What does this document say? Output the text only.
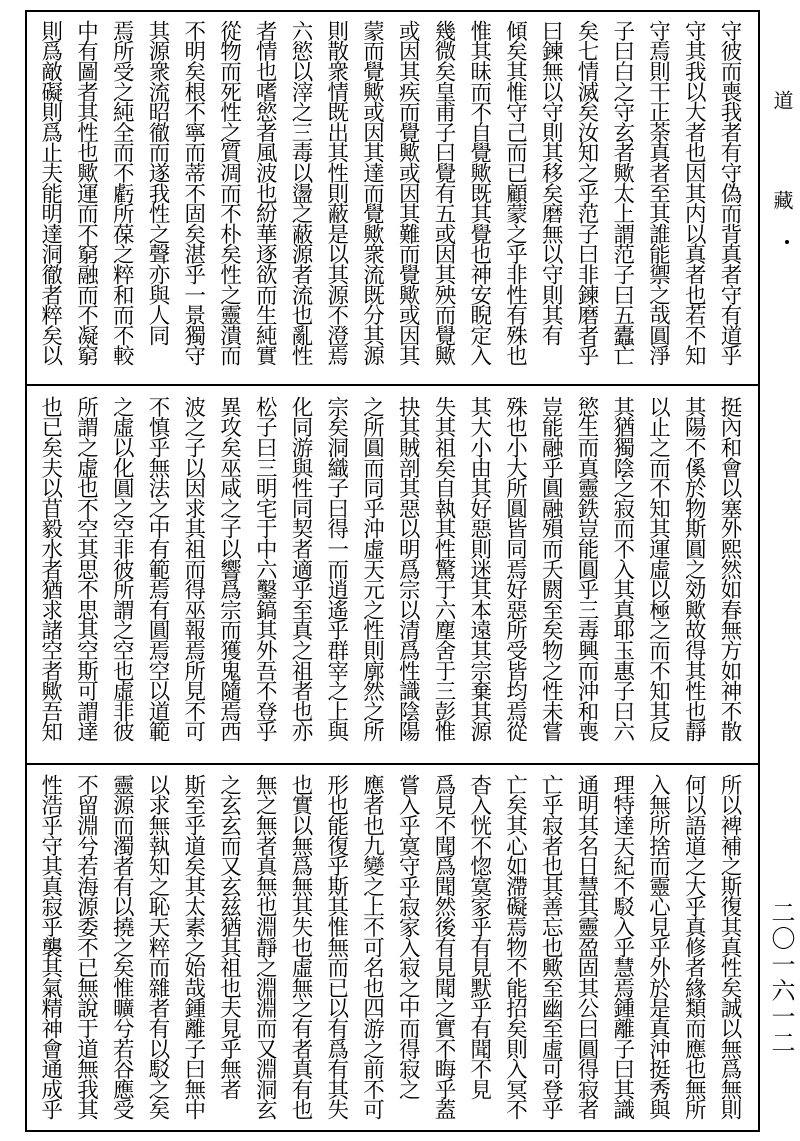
守彼而喪我者有守偽而背真者守有道乎
守其我以大者也因其内以真者也若不知
守焉則干正荼真者至其誰能禦之哉圓淨
子曰白之守玄者歟太上謂范子曰五蠹亡
矣七情滅矣汝知之乎范子曰非鍊磨者乎
曰鍊無以守則其移矣磨無以守則其有
傾矣其惟守己而已顧蒙之乎非性有殊也
惟其昧而不自覺歟既其覺也神安睨定入
幾微矣皇甫子曰覺有五或因其殃而覺歟
或因其疾而覺歟或因其難而覺歟或因其
蒙而覺歟或因其達而覺歟衆流既分其源
則散衆情既出其性則蔽是以其源不澄焉
六慾以滓之三毒以盪之蔽源者流也亂性
者情也嗜慾者風波也紛華逐欲而生純實
從物而死性之質凋而不朴矣性之靈潰而
不明矣根不寧而蒂不固矣湛乎一景獨守
其源衆流昭徹而遂我性之聲亦與人同
焉所受之純全而不虧所葆之粹和而不較
中有圖者其性也歟運而不窮融而不凝窮
則爲敵礙則爲止夫能明達洞徹者粹矣以
挺內和會以塞外熙然如春無方如神不散
其陽不傒於物斯圓之効歟故得其性也靜
以止之而不知其運虛以極之而不知其反
其猶獨陰之寂而不入其真耶玉惠子曰六
慾生而真靈鉄豈能圓乎三毒興而沖和喪
豈能融乎圓融殞而夭閼至矣物之性未嘗
殊也小大所圓皆同焉好惡所受皆均焉從
其大小由其好惡則迷其本遠其宗棄其源
失其祖矣自執其性驚于六塵舍于三彭惟
抉其賊剖其惡以明爲宗以清爲性識陰陽
之所圓而同乎沖虛天元之性則廓然之所
宗矣洞織子曰得一而逍遙乎群宰之上與
化同游與性同契者適乎至真之祖者也亦
松子曰三明宅于中六鑿鎬其外吾不登乎
異攻矣巫咸之子以響爲宗而獲鬼隨焉西
波之子以因求其祖而得巫報焉所見不可
不慎乎無法之中有範焉有圓焉空以道範
之虛以化圓之空非彼所謂之空也虛非彼
所謂之虛也不空其思不思其空斯可謂達
也已矣夫以苜毅水者猶求諸空者歟吾知
所以裨補之斯復其真性矣誠以無爲無則
何以語道之大乎真修者緣類而應也無所
入無所捨而靈心見乎外於是真沖挺秀與
理特達天紀不駁入乎慧焉鍾離子曰其識
通明其名日慧其靈盈固其公曰圓得寂者
亡乎寂者也其善忘也歟至幽至虛可登乎
亡矣其心如滯礙焉物不能招矣則入冥不
杳入恍不惚寞家乎有見默乎有聞不見
爲見不聞爲聞然後有見聞之實不晦乎蓋
嘗入乎寞守乎寂家入寂之中而得寂之
應者也九變之上不可名也四游之前不可
形也能復乎斯其惟無而已以有爲有其失
也實以無爲無其失也虛無之有者真有也
無之無者真無也淵靜之淵淵而又淵洞玄
之玄玄而又玄兹猶其祖也夫見乎無者
斯至乎道矣其太素之始哉鍾離子曰無中
以求無執知之恥天粹而雜者有以駁之矣
靈源而濁者有以撓之矣惟曠兮若谷應受
不留淵兮若海源委不已無說于道無我其
性浩乎守其真寂乎襲其氣精神會通成乎
道
藏
二〇一六一二
